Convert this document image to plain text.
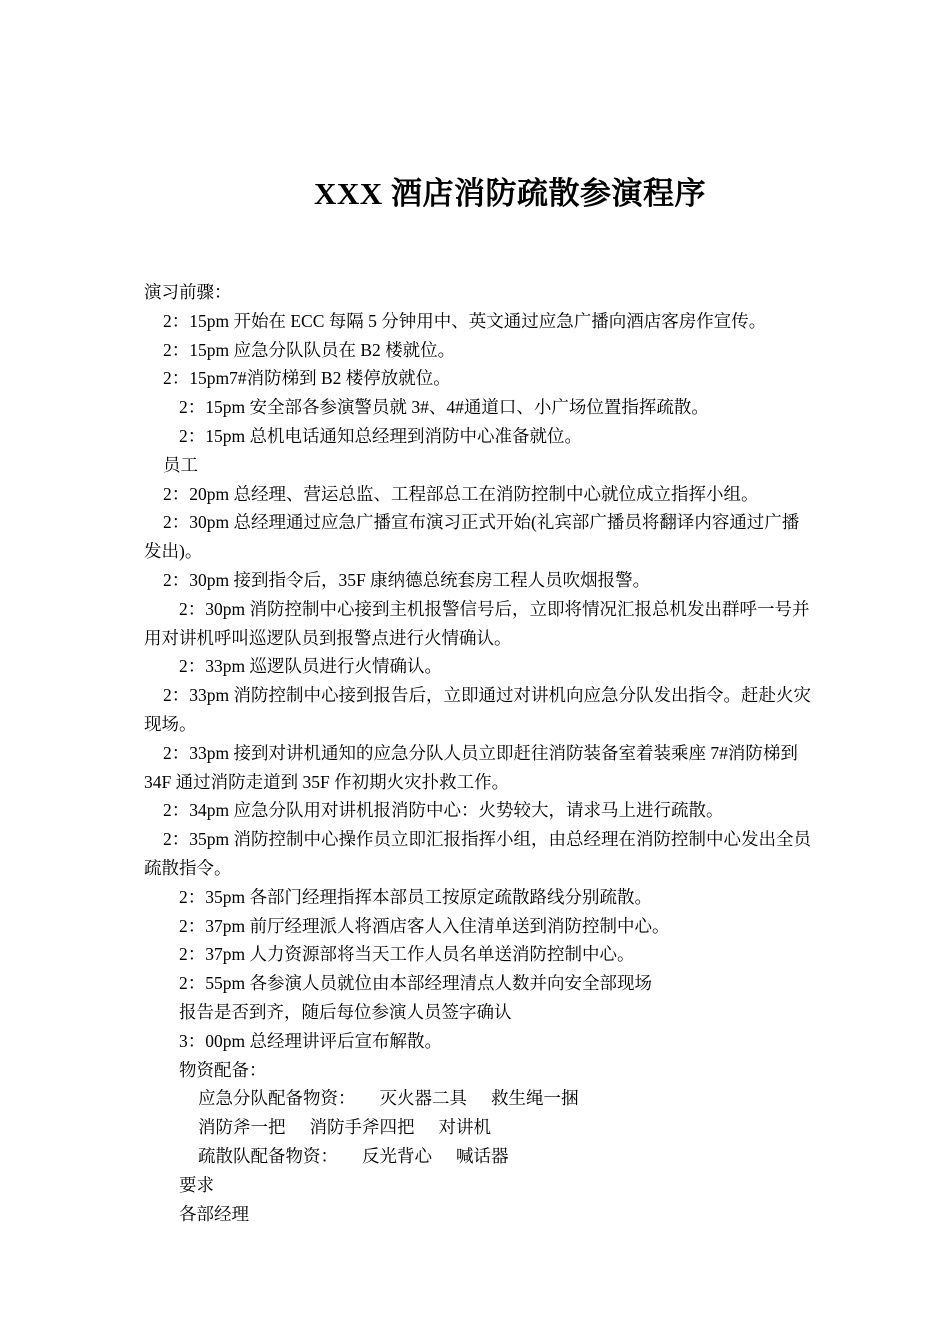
XXX 酒店消防疏散参演程序
演习前骤：
2：15pm 开始在 ECC 每隔 5 分钟用中、英文通过应急广播向酒店客房作宣传。
2：15pm 应急分队队员在 B2 楼就位。
2：15pm7#消防梯到 B2 楼停放就位。
2：15pm 安全部各参演警员就 3#、4#通道口、小广场位置指挥疏散。
2：15pm 总机电话通知总经理到消防中心准备就位。
员工
2：20pm 总经理、营运总监、工程部总工在消防控制中心就位成立指挥小组。
2：30pm 总经理通过应急广播宣布演习正式开始(礼宾部广播员将翻译内容通过广播
发出)。
2：30pm 接到指令后，35F 康纳德总统套房工程人员吹烟报警。
2：30pm 消防控制中心接到主机报警信号后，立即将情况汇报总机发出群呼一号并
用对讲机呼叫巡逻队员到报警点进行火情确认。
2：33pm 巡逻队员进行火情确认。
2：33pm 消防控制中心接到报告后，立即通过对讲机向应急分队发出指令。赶赴火灾
现场。
2：33pm 接到对讲机通知的应急分队人员立即赶往消防装备室着装乘座 7#消防梯到
34F 通过消防走道到 35F 作初期火灾扑救工作。
2：34pm 应急分队用对讲机报消防中心：火势较大，请求马上进行疏散。
2：35pm 消防控制中心操作员立即汇报指挥小组，由总经理在消防控制中心发出全员
疏散指令。
2：35pm 各部门经理指挥本部员工按原定疏散路线分别疏散。
2：37pm 前厅经理派人将酒店客人入住清单送到消防控制中心。
2：37pm 人力资源部将当天工作人员名单送消防控制中心。
2：55pm 各参演人员就位由本部经理清点人数并向安全部现场
报告是否到齐，随后每位参演人员签字确认
3：00pm 总经理讲评后宣布解散。
物资配备：
应急分队配备物资： 灭火器二具 救生绳一捆
消防斧一把 消防手斧四把 对讲机
疏散队配备物资： 反光背心 喊话器
要求
各部经理
